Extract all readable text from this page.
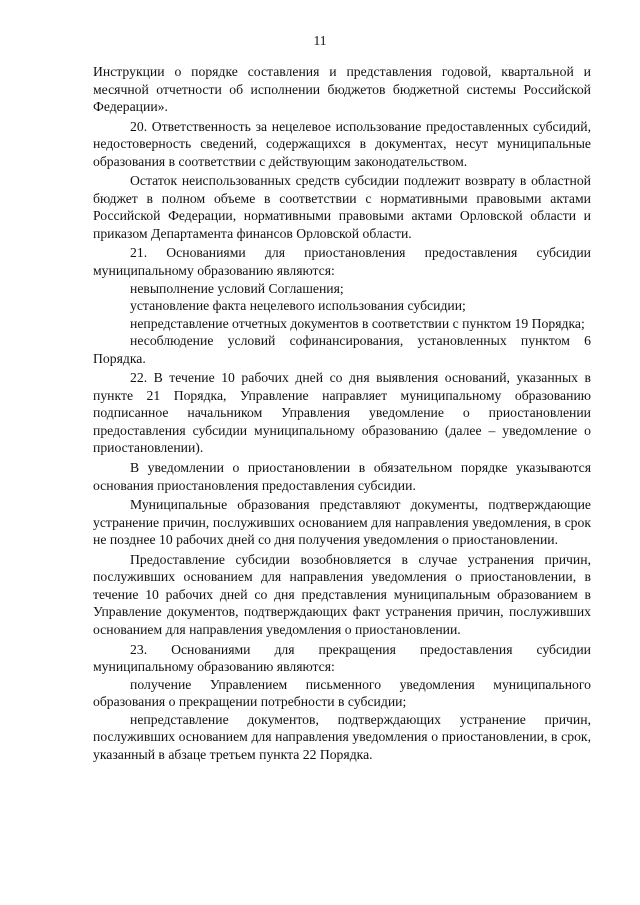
11

Инструкции о порядке составления и представления годовой, квартальной и месячной отчетности об исполнении бюджетов бюджетной системы Российской Федерации».

20. Ответственность за нецелевое использование предоставленных субсидий, недостоверность сведений, содержащихся в документах, несут муниципальные образования в соответствии с действующим законодательством.

Остаток неиспользованных средств субсидии подлежит возврату в областной бюджет в полном объеме в соответствии с нормативными правовыми актами Российской Федерации, нормативными правовыми актами Орловской области и приказом Департамента финансов Орловской области.

21. Основаниями для приостановления предоставления субсидии муниципальному образованию являются:

невыполнение условий Соглашения;

установление факта нецелевого использования субсидии;

непредставление отчетных документов в соответствии с пунктом 19 Порядка;

несоблюдение условий софинансирования, установленных пунктом 6 Порядка.

22. В течение 10 рабочих дней со дня выявления оснований, указанных в пункте 21 Порядка, Управление направляет муниципальному образованию подписанное начальником Управления уведомление о приостановлении предоставления субсидии муниципальному образованию (далее – уведомление о приостановлении).

В уведомлении о приостановлении в обязательном порядке указываются основания приостановления предоставления субсидии.

Муниципальные образования представляют документы, подтверждающие устранение причин, послуживших основанием для направления уведомления, в срок не позднее 10 рабочих дней со дня получения уведомления о приостановлении.

Предоставление субсидии возобновляется в случае устранения причин, послуживших основанием для направления уведомления о приостановлении, в течение 10 рабочих дней со дня представления муниципальным образованием в Управление документов, подтверждающих факт устранения причин, послуживших основанием для направления уведомления о приостановлении.

23. Основаниями для прекращения предоставления субсидии муниципальному образованию являются:

получение Управлением письменного уведомления муниципального образования о прекращении потребности в субсидии;

непредставление документов, подтверждающих устранение причин, послуживших основанием для направления уведомления о приостановлении, в срок, указанный в абзаце третьем пункта 22 Порядка.
